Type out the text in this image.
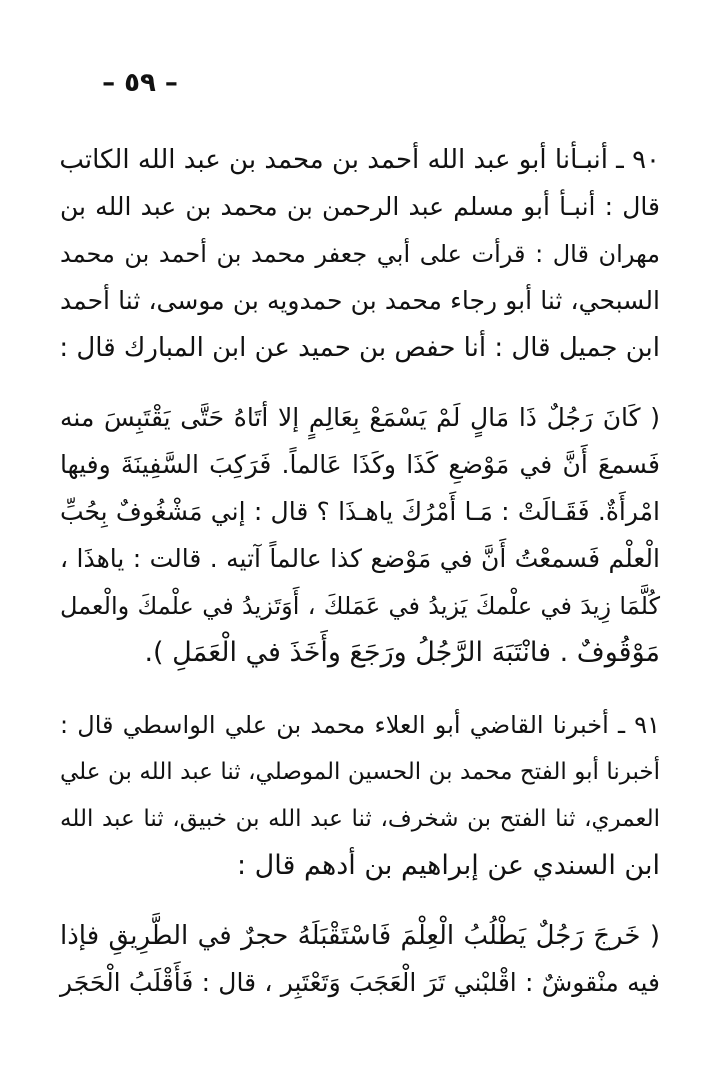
– ٥٩ –
٩٠ ـ أنبـأنا أبو عبد الله أحمد بن محمد بن عبد الله الكاتب
قال : أنبـأ أبو مسلم عبد الرحمن بن محمد بن عبد الله بن
مهران قال : قرأت على أبي جعفر محمد بن أحمد بن محمد
السبحي، ثنا أبو رجاء محمد بن حمدويه بن موسى، ثنا أحمد
ابن جميل قال : أنا حفص بن حميد عن ابن المبارك قال :
( كَانَ رَجُلٌ ذَا مَالٍ لَمْ يَسْمَعْ بِعَالِمٍ إلا أتَاهُ حَتَّى يَقْتَبِسَ منه
فَسمعَ أَنَّ في مَوْضعِ كَذَا وكَذَا عَالماً. فَرَكِبَ السَّفِينَةَ وفيها
امْرأَةٌ. فَقَـالَتْ : مَـا أَمْرُكَ ياهـذَا ؟ قال : إني مَشْغُوفٌ بِحُبِّ
الْعلْم فَسمعْتُ أَنَّ في مَوْضع كذا عالماً آتيه . قالت : ياهذَا ،
كُلَّمَا زِيدَ في علْمكَ يَزيدُ في عَمَلكَ ، أَوَتَزيدُ في علْمكَ والْعمل
مَوْقُوفٌ . فانْتَبَهَ الرَّجُلُ ورَجَعَ وأَخَذَ في الْعَمَلِ ).
٩١ ـ أخبرنا القاضي أبو العلاء محمد بن علي الواسطي قال :
أخبرنا أبو الفتح محمد بن الحسين الموصلي، ثنا عبد الله بن علي
العمري، ثنا الفتح بن شخرف، ثنا عبد الله بن خبيق، ثنا عبد الله
ابن السندي عن إبراهيم بن أدهم قال :
( خَرجَ رَجُلٌ يَطْلُبُ الْعِلْمَ فَاسْتَقْبَلَهُ حجرٌ في الطَّرِيقِ فإذا
فيه منْقوشٌ : اقْلبْني تَرَ الْعَجَبَ وَتَعْتَبِر ، قال : فَأَقْلَبُ الْحَجَر
